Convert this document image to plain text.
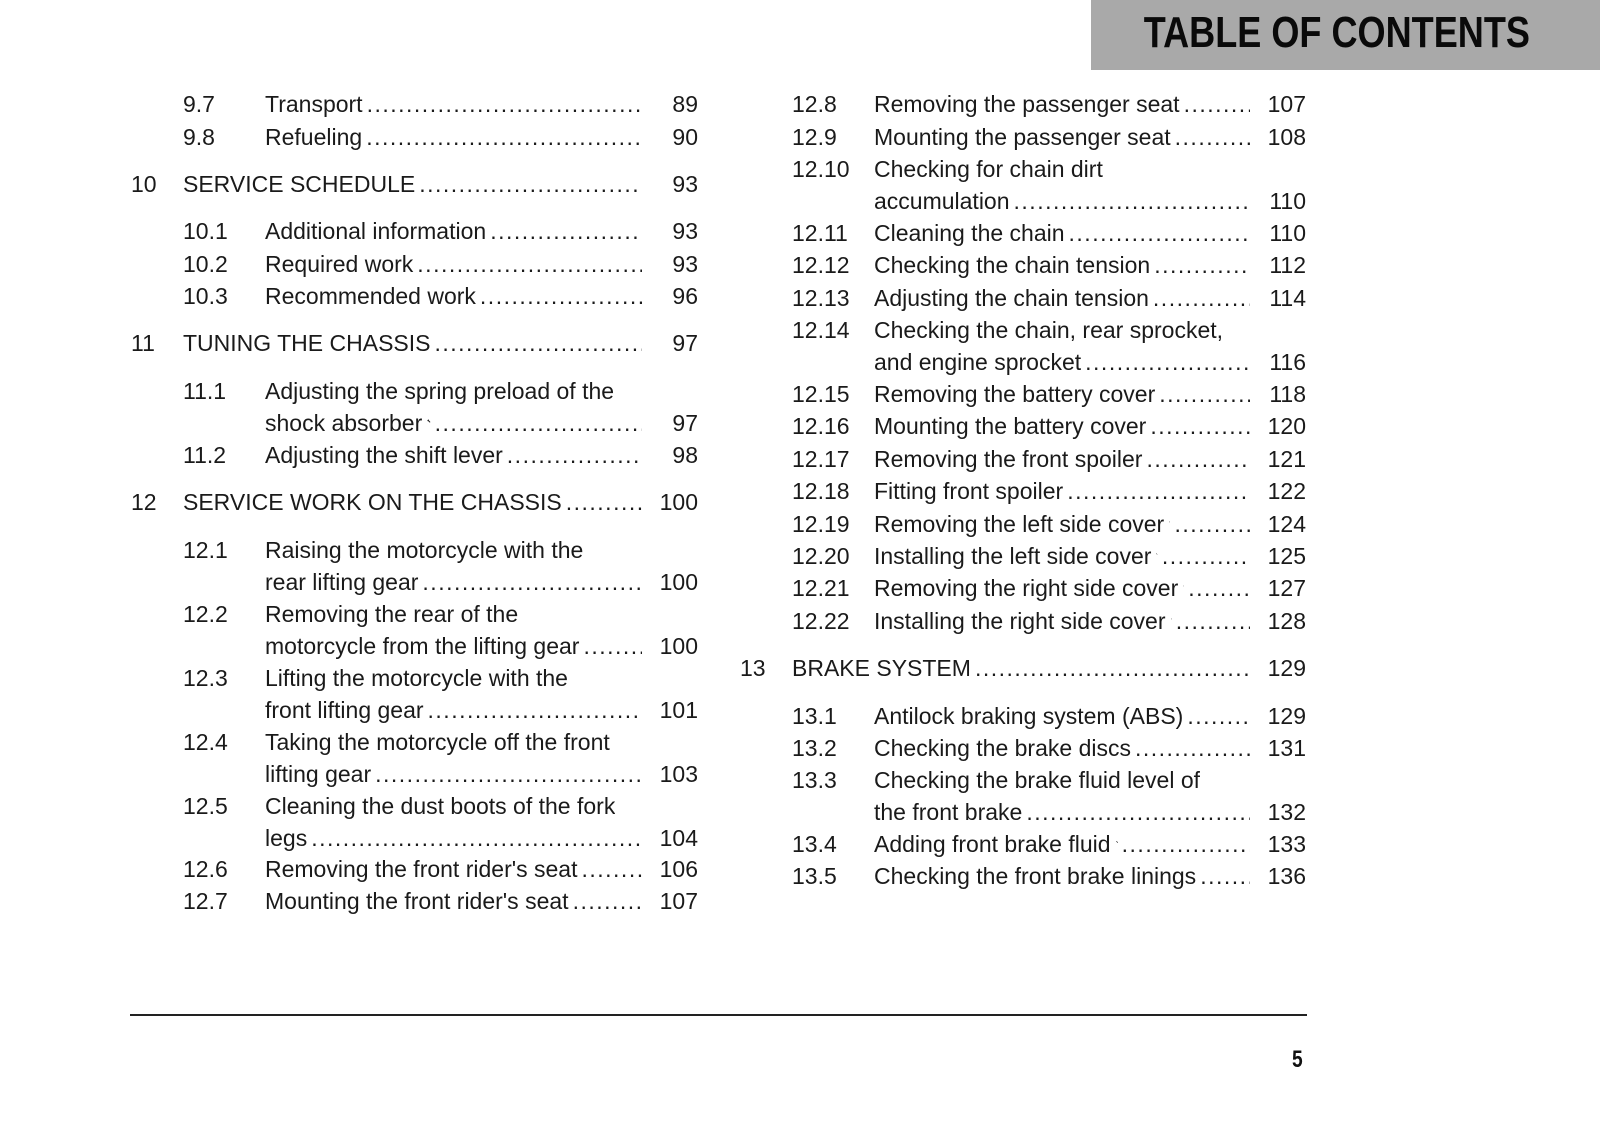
TABLE OF CONTENTS
9.7 Transport .....	89
9.8 Refueling .....	90
10 SERVICE SCHEDULE .....	93
10.1 Additional information .....	93
10.2 Required work .....	93
10.3 Recommended work .....	96
11 TUNING THE CHASSIS .....	97
11.1 Adjusting the spring preload of the
shock absorber .....	97
11.2 Adjusting the shift lever .....	98
12 SERVICE WORK ON THE CHASSIS .....	100
12.1 Raising the motorcycle with the
rear lifting gear .....	100
12.2 Removing the rear of the
motorcycle from the lifting gear .....	100
12.3 Lifting the motorcycle with the
front lifting gear .....	101
12.4 Taking the motorcycle off the front
lifting gear .....	103
12.5 Cleaning the dust boots of the fork
legs .....	104
12.6 Removing the front rider's seat .....	106
12.7 Mounting the front rider's seat .....	107
12.8 Removing the passenger seat .....	107
12.9 Mounting the passenger seat .....	108
12.10 Checking for chain dirt
accumulation .....	110
12.11 Cleaning the chain .....	110
12.12 Checking the chain tension .....	112
12.13 Adjusting the chain tension .....	114
12.14 Checking the chain, rear sprocket,
and engine sprocket .....	116
12.15 Removing the battery cover .....	118
12.16 Mounting the battery cover .....	120
12.17 Removing the front spoiler .....	121
12.18 Fitting front spoiler .....	122
12.19 Removing the left side cover .....	124
12.20 Installing the left side cover .....	125
12.21 Removing the right side cover .....	127
12.22 Installing the right side cover .....	128
13 BRAKE SYSTEM .....	129
13.1 Antilock braking system (ABS) .....	129
13.2 Checking the brake discs .....	131
13.3 Checking the brake fluid level of
the front brake .....	132
13.4 Adding front brake fluid .....	133
13.5 Checking the front brake linings .....	136
5
